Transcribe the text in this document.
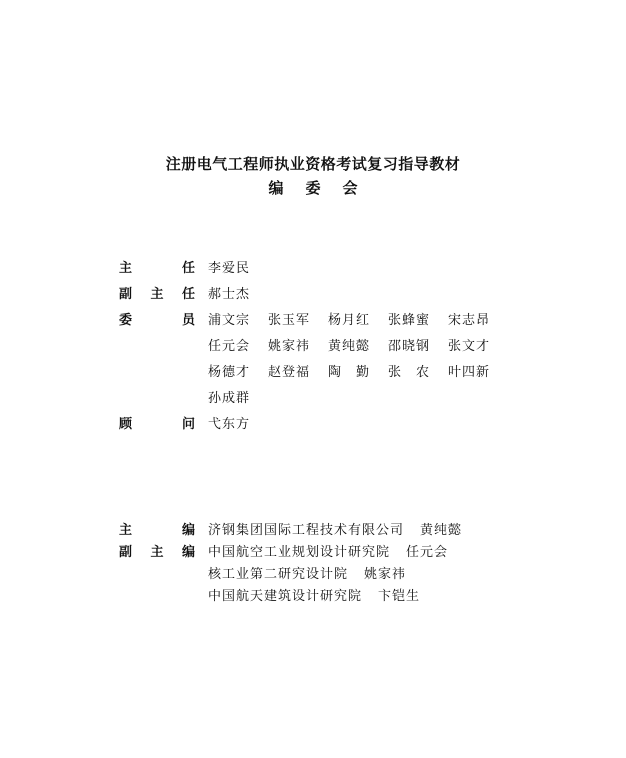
注册电气工程师执业资格考试复习指导教材
编委会
主	任 李爱民
副 主 任 郝士杰
委	员 浦文宗	张玉军	杨月红	张蜂蜜	宋志昂
任元会	姚家祎	黄纯懿	邵晓钢	张文才
杨德才	赵登福	陶　勤	张　农	叶四新
孙成群
顾	问 弋东方
主	编 济钢集团国际工程技术有限公司 黄纯懿
副 主 编 中国航空工业规划设计研究院 任元会
核工业第二研究设计院 姚家祎
中国航天建筑设计研究院 卞铠生
